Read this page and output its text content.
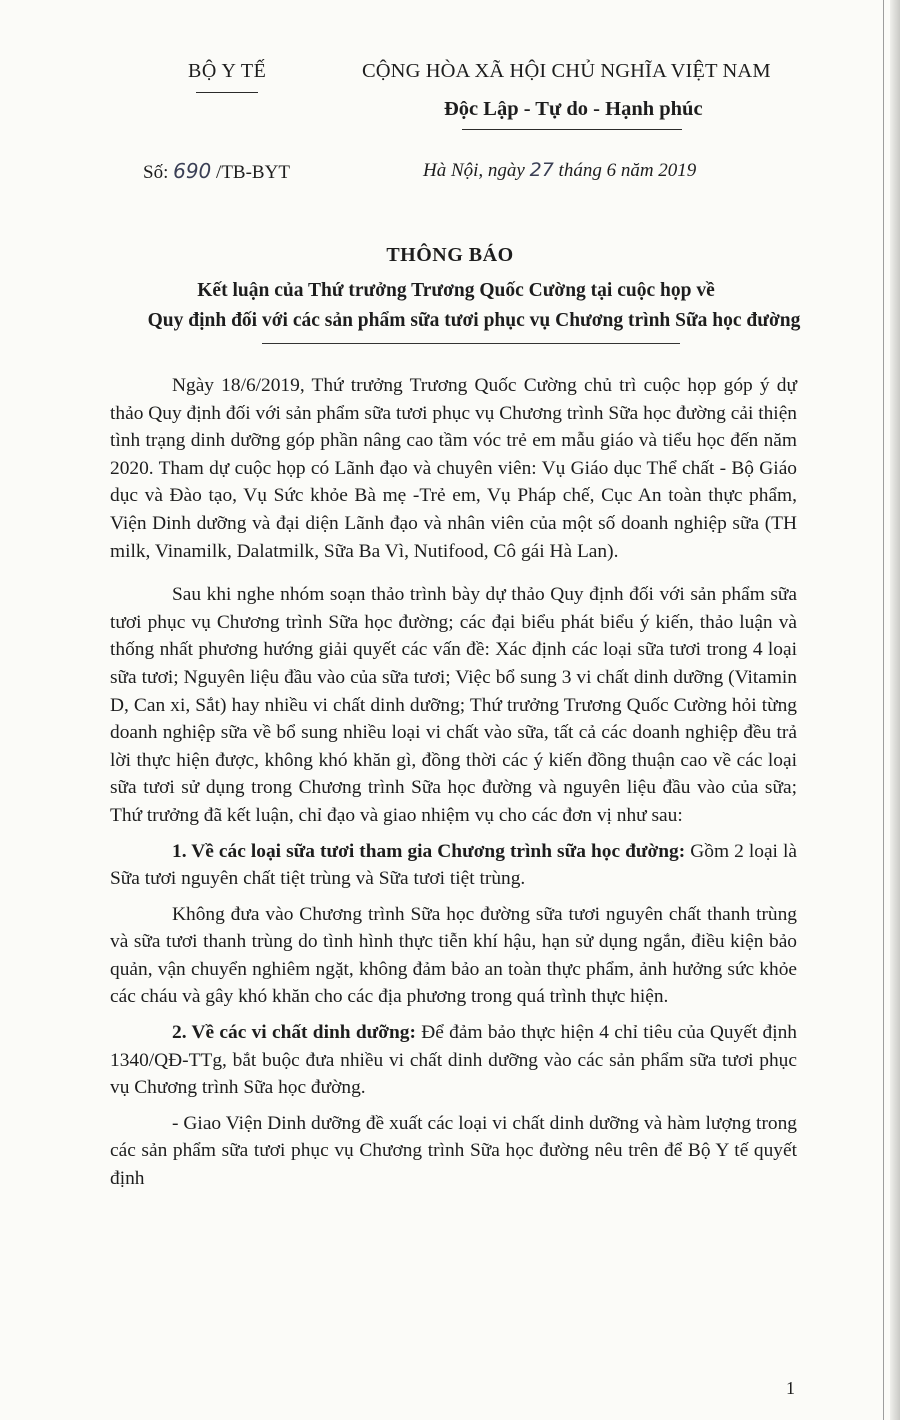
BỘ Y TẾ	CỘNG HÒA XÃ HỘI CHỦ NGHĨA VIỆT NAM
Độc Lập - Tự do - Hạnh phúc
Số: 690 /TB-BYT	Hà Nội, ngày 27 tháng 6 năm 2019
THÔNG BÁO
Kết luận của Thứ trưởng Trương Quốc Cường tại cuộc họp về
Quy định đối với các sản phẩm sữa tươi phục vụ Chương trình Sữa học đường

Ngày 18/6/2019, Thứ trưởng Trương Quốc Cường chủ trì cuộc họp góp ý dự thảo Quy định đối với sản phẩm sữa tươi phục vụ Chương trình Sữa học đường cải thiện tình trạng dinh dưỡng góp phần nâng cao tầm vóc trẻ em mẫu giáo và tiểu học đến năm 2020. Tham dự cuộc họp có Lãnh đạo và chuyên viên: Vụ Giáo dục Thể chất - Bộ Giáo dục và Đào tạo, Vụ Sức khỏe Bà mẹ -Trẻ em, Vụ Pháp chế, Cục An toàn thực phẩm, Viện Dinh dưỡng và đại diện Lãnh đạo và nhân viên của một số doanh nghiệp sữa (TH milk, Vinamilk, Dalatmilk, Sữa Ba Vì, Nutifood, Cô gái Hà Lan).

Sau khi nghe nhóm soạn thảo trình bày dự thảo Quy định đối với sản phẩm sữa tươi phục vụ Chương trình Sữa học đường; các đại biểu phát biểu ý kiến, thảo luận và thống nhất phương hướng giải quyết các vấn đề: Xác định các loại sữa tươi trong 4 loại sữa tươi; Nguyên liệu đầu vào của sữa tươi; Việc bổ sung 3 vi chất dinh dưỡng (Vitamin D, Can xi, Sắt) hay nhiều vi chất dinh dưỡng; Thứ trưởng Trương Quốc Cường hỏi từng doanh nghiệp sữa về bổ sung nhiều loại vi chất vào sữa, tất cả các doanh nghiệp đều trả lời thực hiện được, không khó khăn gì, đồng thời các ý kiến đồng thuận cao về các loại sữa tươi sử dụng trong Chương trình Sữa học đường và nguyên liệu đầu vào của sữa; Thứ trưởng đã kết luận, chỉ đạo và giao nhiệm vụ cho các đơn vị như sau:

1. Về các loại sữa tươi tham gia Chương trình sữa học đường: Gồm 2 loại là Sữa tươi nguyên chất tiệt trùng và Sữa tươi tiệt trùng.

Không đưa vào Chương trình Sữa học đường sữa tươi nguyên chất thanh trùng và sữa tươi thanh trùng do tình hình thực tiễn khí hậu, hạn sử dụng ngắn, điều kiện bảo quản, vận chuyển nghiêm ngặt, không đảm bảo an toàn thực phẩm, ảnh hưởng sức khỏe các cháu và gây khó khăn cho các địa phương trong quá trình thực hiện.

2. Về các vi chất dinh dưỡng: Để đảm bảo thực hiện 4 chỉ tiêu của Quyết định 1340/QĐ-TTg, bắt buộc đưa nhiều vi chất dinh dưỡng vào các sản phẩm sữa tươi phục vụ Chương trình Sữa học đường.

- Giao Viện Dinh dưỡng đề xuất các loại vi chất dinh dưỡng và hàm lượng trong các sản phẩm sữa tươi phục vụ Chương trình Sữa học đường nêu trên để Bộ Y tế quyết định

1
